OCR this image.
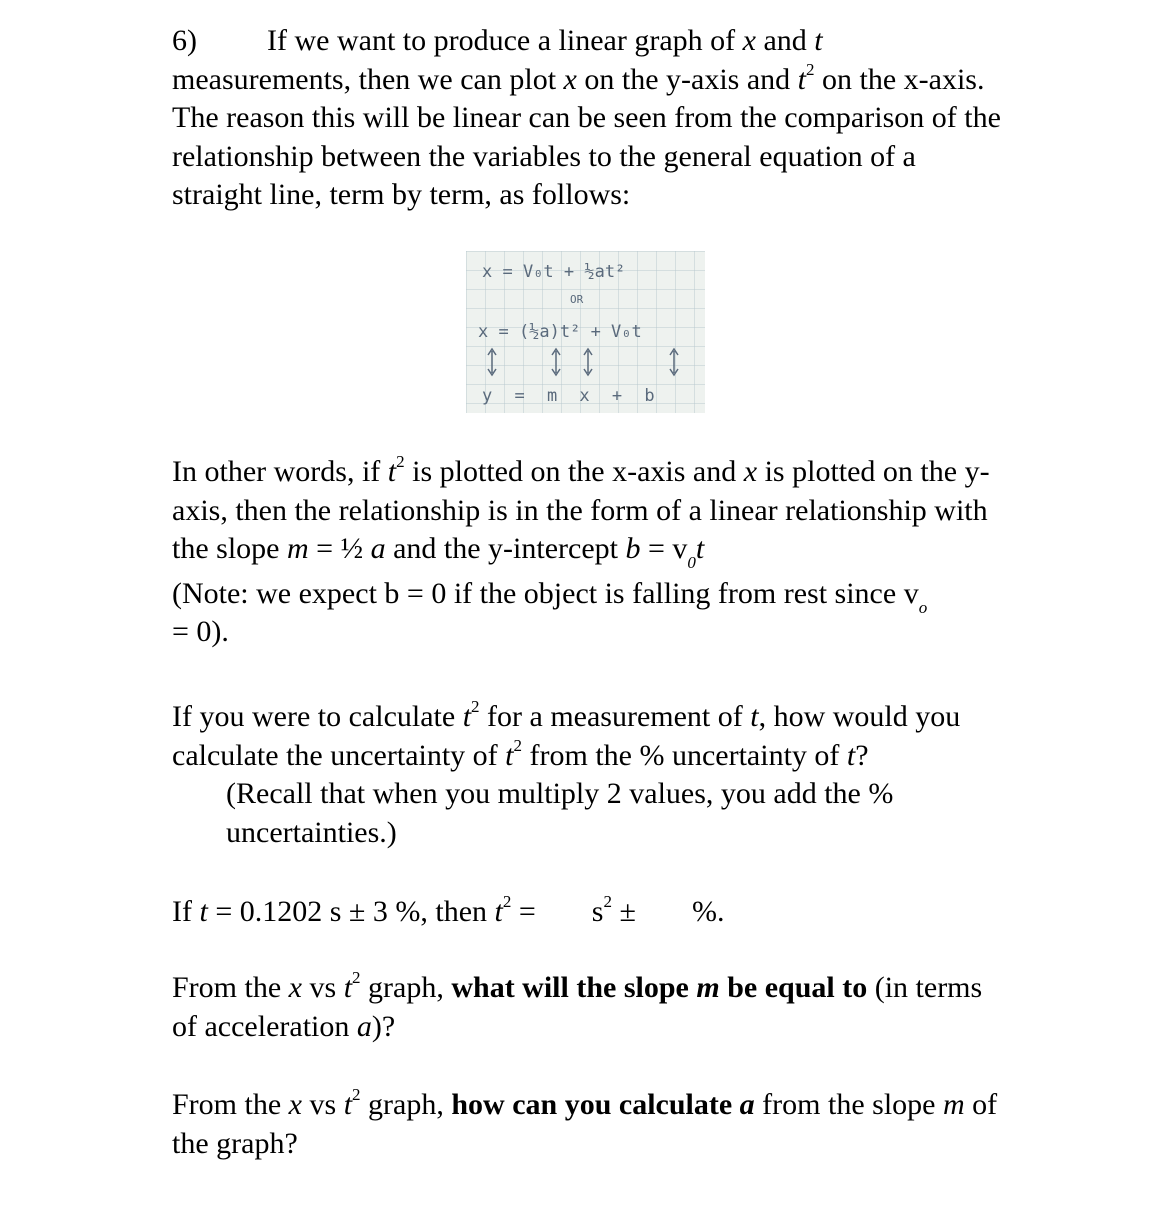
6) If we want to produce a linear graph of x and t
measurements, then we can plot x on the y-axis and $t^2$ on the x-axis. The reason this will be linear can be seen from the comparison of the relationship between the variables to the general equation of a straight line, term by term, as follows:
x = V₀t + ½at²
OR
x = (½a)t² + V₀t
y = m x + b
In other words, if $t^2$ is plotted on the x-axis and x is plotted on the y-axis, then the relationship is in the form of a linear relationship with the slope m = ½ a and the y-intercept $b = v_0t$
(Note: we expect b = 0 if the object is falling from rest since $v_o$
= 0).
If you were to calculate $t^2$ for a measurement of t, how would you calculate the uncertainty of $t^2$ from the % uncertainty of t?
(Recall that when you multiply 2 values, you add the % uncertainties.)
If t = 0.1202 s ± 3 %, then $t^2 = s^2$ ± %.
From the x vs $t^2$ graph, what will the slope m be equal to (in terms of acceleration a)?
From the x vs $t^2$ graph, how can you calculate a from the slope m of the graph?
